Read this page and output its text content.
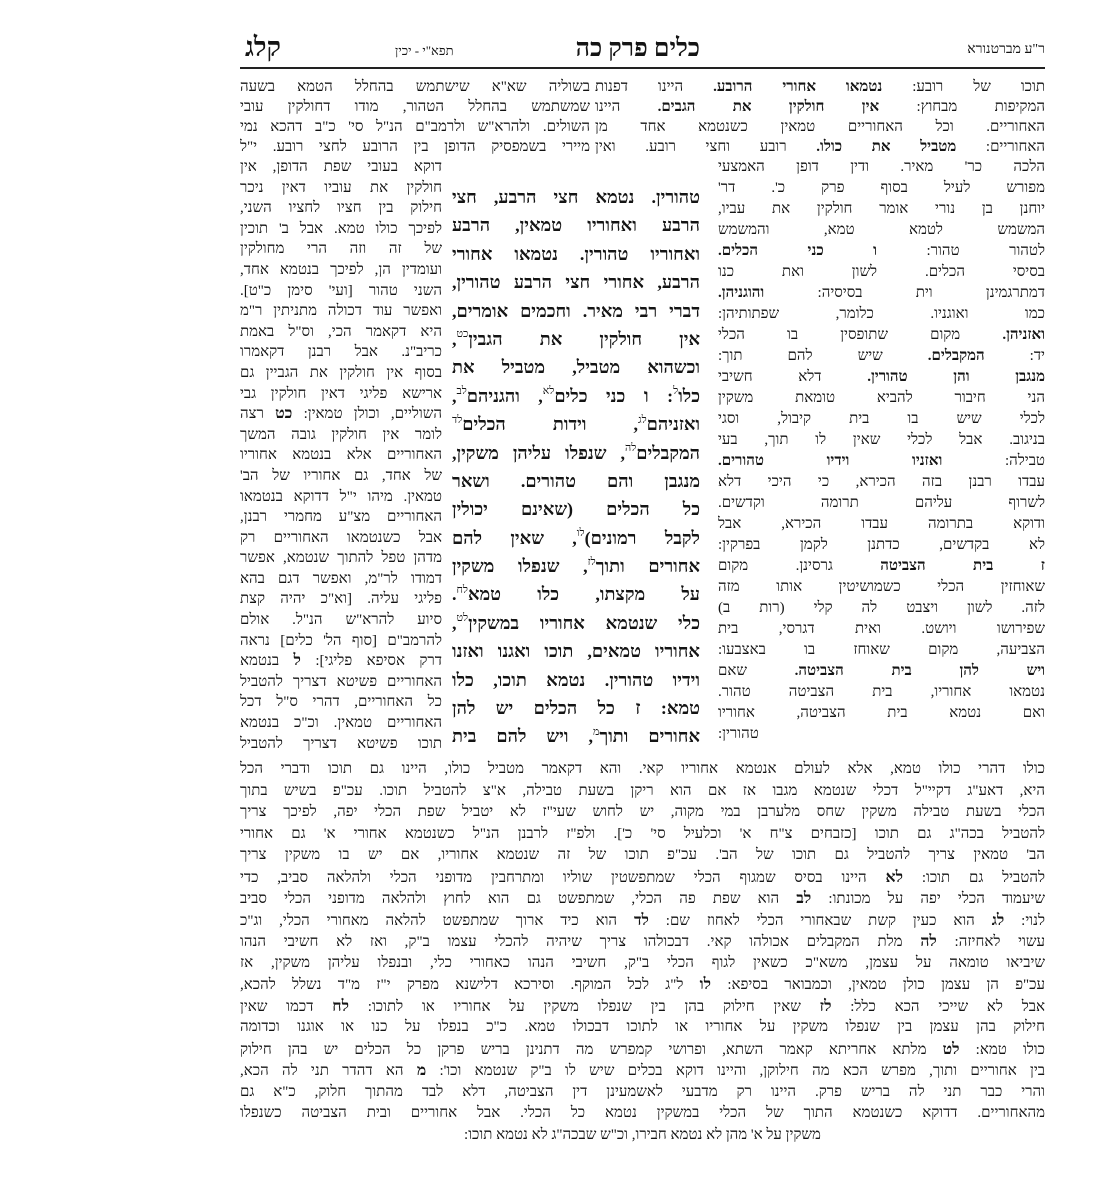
ר"ע מברטנורא
כלים פרק כה
תפא"י - יכין
קלג
תוכו של רובע: נטמאו אחורי הרובע. היינו דפנות
המקיפות מבחוץ: אין חולקין את הגבים. היינו
האחוריים. וכל האחוריים טמאין כשנטמא אחד מן
האחוריים: מטביל את כולו. רובע וחצי רובע. ואין
בשוליה שא"א שישתמש בהחלל הטמא בשעה
שמשתמש בהחלל הטהור, מודו דחולקין עובי
השולים. ולהרא"ש ולרמב"ם הנ"ל סי' כ"ב דהכא נמי
מיירי בשמפסיק הדופן בין הרובע לחצי רובע. י"ל
הלכה כר' מאיר. ודין דופן האמצעי
מפורש לעיל בסוף פרק כ'. דר'
יוחנן בן נורי אומר חולקין את עביו,
המשמש לטמא טמא, והמשמש
לטהור טהור: ו כני הכלים.
בסיסי הכלים. לשון ואת כנו
דמתרגמינן וית בסיסיה: והוגניהן.
כמו ואוגניו. כלומר, שפתותיהן:
ואזניהן. מקום שתופסין בו הכלי
יד: המקבלים. שיש להם תוך:
מנגבן והן טהורין. דלא חשיבי
הני חיבור להביא טומאת משקין
לכלי שיש בו בית קיבול, וסגי
בניגוב. אבל לכלי שאין לו תוך, בעי
טבילה: ואזניו וידיו טהורים.
עבדו רבנן בזה הכירא, כי היכי דלא
לשרוף עליהם תרומה וקדשים.
ודוקא בתרומה עבדו הכירא, אבל
לא בקדשים, כדתנן לקמן בפרקין:
ז בית הצביטה גרסינן. מקום
שאוחזין הכלי כשמושיטין אותו מזה
לזה. לשון ויצבט לה קלי (רות ב)
שפירושו ויושט. ואית דגרסי, בית
הצביעה, מקום שאוחז בו באצבעו:
ויש להן בית הצביטה. שאם
נטמאו אחוריו, בית הצביטה טהור.
ואם נטמא בית הצביטה, אחוריו
טהורין:
טהורין. נטמא חצי הרבע, חצי
הרבע ואחוריו טמאין, הרבע
ואחוריו טהורין. נטמאו אחורי
הרבע, אחורי חצי הרבע טהורין,
דברי רבי מאיר. וחכמים אומרים,
אין חולקין את הגבין$^{כט}$,
וכשהוא מטביל, מטביל את
כלו$^ל$: ו כני כלים$^{לא}$, והגניהם$^{לב}$,
ואזניהם$^{לג}$, וידות הכלים$^{לד}$
המקבלים$^{לה}$, שנפלו עליהן משקין,
מנגבן והם טהורים. ושאר
כל הכלים (שאינם יכולין
לקבל רמונים)$^{לו}$, שאין להם
אחורים ותוך$^{לז}$, שנפלו משקין
על מקצתו, כלו טמא$^{לח}$.
כלי שנטמא אחוריו במשקין$^{לט}$,
אחוריו טמאים, תוכו ואגנו ואזנו
וידיו טהורין. נטמא תוכו, כלו
טמא: ז כל הכלים יש להן
אחורים ותוך$^מ$, ויש להם בית
דוקא בעובי שפת הדופן, אין
חולקין את עוביו דאין ניכר
חילוק בין חציו לחציו השני,
לפיכך כולו טמא. אבל ב' תוכין
של זה וזה הרי מחולקין
ועומדין הן, לפיכך בנטמא אחד,
השני טהור [ועי' סימן כ"ט].
ואפשר עוד דכולה מתניתין ר"מ
היא דקאמר הכי, וס"ל באמת
כריב"נ. אבל רבנן דקאמרו
בסוף אין חולקין את הגביין גם
ארישא פליגי דאין חולקין גבי
השוליים, וכולן טמאין: כט רצה
לומר אין חולקין גובה המשך
האחוריים אלא בנטמא אחוריו
של אחד, גם אחוריו של הב'
טמאין. מיהו י"ל דדוקא בנטמאו
האחוריים מצ"ע מחמרי רבנן,
אבל כשנטמאו האחוריים רק
מדהן טפל להתוך שנטמא, אפשר
דמודו לר"מ, ואפשר דגם בהא
פליגי עליה. [וא"כ יהיה קצת
סיוע להרא"ש הנ"ל. אולם
להרמב"ם [סוף הל' כלים] נראה
דרק אסיפא פליגי]: ל בנטמא
האחוריים פשיטא דצריך להטביל
כל האחוריים, דהרי ס"ל דכל
האחוריים טמאין. וכ"כ בנטמא
תוכו פשיטא דצריך להטביל
כולו דהרי כולו טמא, אלא לעולם אנטמא אחוריו קאי. והא דקאמר מטביל כולו, היינו גם תוכו ודברי הכל
היא, דאע"ג דקיי"ל דכלי שנטמא מגבו אז אם הוא ריקן בשעת טבילה, א"צ להטביל תוכו. עכ"פ בשיש בתוך
הכלי בשעת טבילה משקין שחס מלערבן במי מקוה, יש לחוש שעי"ז לא יטביל שפת הכלי יפה, לפיכך צריך
להטביל בכה"ג גם תוכו [כזבחים צ"ח א' וכלעיל סי' כ']. ולפ"ז לרבנן הנ"ל כשנטמא אחורי א' גם אחורי
הב' טמאין צריך להטביל גם תוכו של הב'. עכ"פ תוכו של זה שנטמא אחוריו, אם יש בו משקין צריך
להטביל גם תוכו: לא היינו בסיס שמגוף הכלי שמתפשטין שוליו ומתרחבין מדופני הכלי ולהלאה סביב, כדי
שיעמוד הכלי יפה על מכונתו: לב הוא שפת פה הכלי, שמתפשט גם הוא לחוץ ולהלאה מדופני הכלי סביב
לנוי: לג הוא כעין קשת שבאחורי הכלי לאחוז שם: לד הוא כיד ארוך שמתפשט להלאה מאחורי הכלי, וג"כ
עשוי לאחיזה: לה מלת המקבלים אכולהו קאי. דבכולהו צריך שיהיה להכלי עצמו ב"ק, ואז לא חשיבי הנהו
שיביאו טומאה על עצמן, משא"כ כשאין לגוף הכלי ב"ק, חשיבי הנהו כאחורי כלי, ובנפלו עליהן משקין, אז
עכ"פ הן עצמן כולן טמאין, וכמבואר בסיפא: לו ל"ג לכל המוקף. וסירכא דלישנא מפרק י"ז מ"ד נשלל להכא,
אבל לא שייכי הכא כלל: לז שאין חילוק בהן בין שנפלו משקין על אחוריו או לתוכו: לח דכמו שאין
חילוק בהן עצמן בין שנפלו משקין על אחוריו או לתוכו דבכולו טמא. כ"כ בנפלו על כנו או אוגנו וכדומה
כולו טמא: לט מלתא אחריתא קאמר השתא, ופרושי קמפרש מה דתנינן בריש פרקן כל הכלים יש בהן חילוק
בין אחוריים ותוך, מפרש הכא מה חילוקן, והיינו דוקא בכלים שיש לו ב"ק שנטמא וכו': מ הא דהדר תני לה הכא,
והרי כבר תני לה בריש פרק. היינו רק מדבעי לאשמעינן דין הצביטה, דלא לבד מהתוך חלוק, כ"א גם
מהאחוריים. דדוקא כשנטמא התוך של הכלי במשקין נטמא כל הכלי. אבל אחוריים ובית הצביטה כשנפלו
משקין על א' מהן לא נטמא חבירו, וכ"ש שבכה"ג לא נטמא תוכו:
